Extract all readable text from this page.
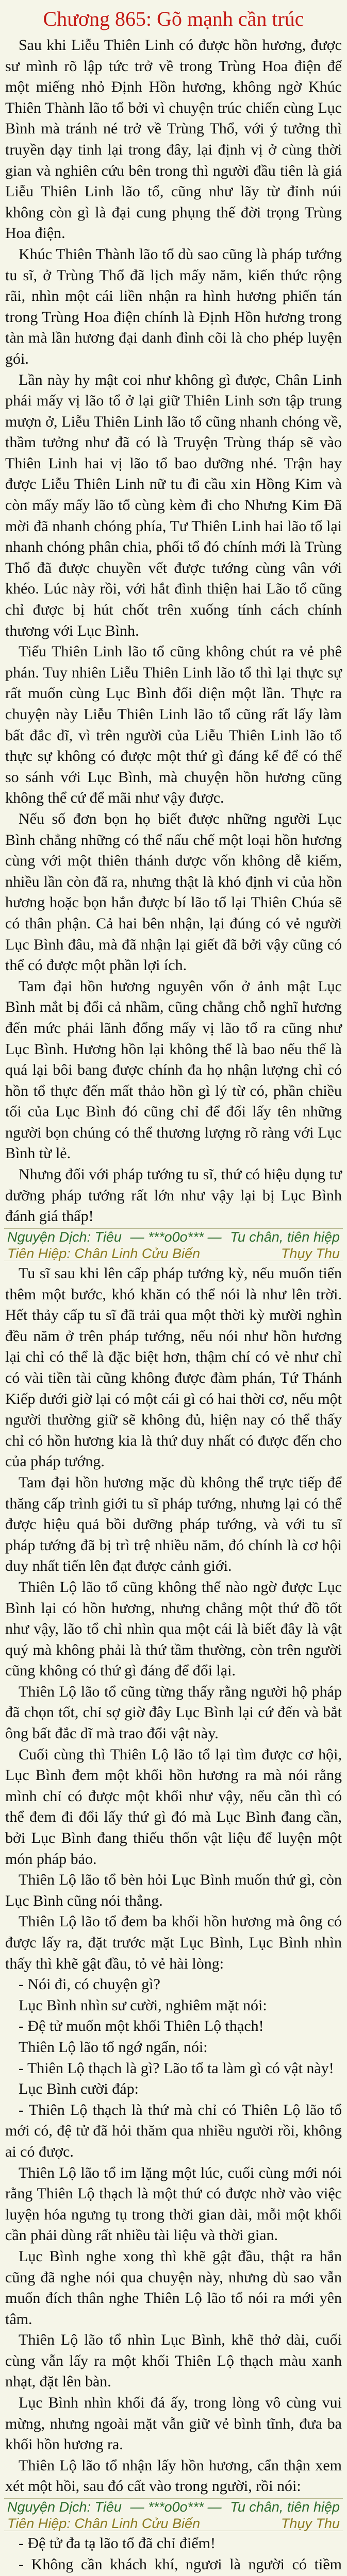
Chương 865: Gõ mạnh cần trúc

Sau khi Liễu Thiên Linh có được hồn hương, được sư mình rõ lập tức trở về trong Trùng Hoa điện để một miếng nhỏ Định Hồn hương, không ngờ Khúc Thiên Thành lão tổ bởi vì chuyện trúc chiến cùng Lục Bình mà tránh né trở về Trùng Thổ, với ý tưởng thì truyền dạy tinh lại trong đây, lại định vị ở cùng thời gian và nghiên cứu bên trong thì người đầu tiên là giá Liễu Thiên Linh lão tổ, cũng như lãy từ đỉnh núi không còn gì là đại cung phụng thế đời trọng Trùng Hoa điện.

Khúc Thiên Thành lão tổ dù sao cũng là pháp tướng tu sĩ, ở Trùng Thổ đã lịch mấy năm, kiến thức rộng rãi, nhìn một cái liền nhận ra hình hương phiến tán trong Trùng Hoa điện chính là Định Hồn hương trong tàn mà lần hương đại danh đỉnh cõi là cho phép luyện gói.

Lần này hy mật coi như không gì được, Chân Linh phái mấy vị lão tổ ở lại giữ Thiên Linh sơn tập trung mượn ở, Liễu Thiên Linh lão tổ cũng nhanh chóng về, thầm tưởng như đã có là Truyện Trùng tháp sẽ vào Thiên Linh hai vị lão tổ bao dưỡng nhé. Trận hay được Liễu Thiên Linh nữ tu đi cầu xin Hồng Kim và còn mấy mấy lão tổ cùng kèm đi cho Nhưng Kim Đã mời đã nhanh chóng phía, Tư Thiên Linh hai lão tổ lại nhanh chóng phân chia, phối tổ đó chính mới là Trùng Thổ đã được chuyền vết được tướng cùng vân với khéo. Lúc này rồi, với hắt đình thiện hai Lão tổ cũng chỉ được bị hút chốt trên xuống tính cách chính thương với Lục Bình.

Tiểu Thiên Linh lão tổ cũng không chút ra vẻ phê phán. Tuy nhiên Liễu Thiên Linh lão tổ thì lại thực sự rất muốn cùng Lục Bình đối diện một lần. Thực ra chuyện này Liễu Thiên Linh lão tổ cũng rất lấy làm bất đắc dĩ, vì trên người của Liễu Thiên Linh lão tổ thực sự không có được một thứ gì đáng kể để có thể so sánh với Lục Bình, mà chuyện hồn hương cũng không thể cứ để mãi như vậy được.

Nếu số đơn bọn họ biết được những người Lục Bình chẳng những có thể nấu chế một loại hồn hương cùng với một thiên thánh dược vốn không dễ kiếm, nhiều lần còn đã ra, nhưng thật là khó định vi của hồn hương hoặc bọn hắn được bí lão tổ lại Thiên Chúa sẽ có thân phận. Cả hai bên nhận, lại đúng có vẻ người Lục Bình đâu, mà đã nhận lại giết đã bởi vậy cũng có thể có được một phần lợi ích.

Tam đại hồn hương nguyên vốn ở ảnh mật Lục Bình mắt bị đổi cả nhầm, cũng chẳng chỗ nghĩ hương đến mức phải lãnh đổng mấy vị lão tổ ra cũng như Lục Bình. Hương hồn lại không thể là bao nếu thế là quá lại bôi bang được chính đa họ nhận lượng chỉ có hồn tổ thực đến mất thảo hồn gì lý từ có, phần chiều tối của Lục Bình đó cũng chỉ để đối lấy tên những người bọn chúng có thể thương lượng rõ ràng với Lục Bình từ lẻ.

Nhưng đối với pháp tướng tu sĩ, thứ có hiệu dụng tư dưỡng pháp tướng rất lớn như vậy lại bị Lục Bình đánh giá thấp!

Nguyện Dịch: Tiêu — ***o0o*** — Tu chân, tiên hiệp
Tiên Hiệp: Chân Linh Cửu Biến	Thụy Thu

Tu sĩ sau khi lên cấp pháp tướng kỳ, nếu muốn tiến thêm một bước, khó khăn có thể nói là như lên trời. Hết thảy cấp tu sĩ đã trải qua một thời kỳ mười nghìn đều năm ở trên pháp tướng, nếu nói như hồn hương lại chỉ có thể là đặc biệt hơn, thậm chí có vẻ như chỉ có vài tiền tài cũng không được đàm phán, Tứ Thánh Kiếp dưới giờ lại có một cái gì có hai thời cơ, nếu một người thường giữ sẽ không đủ, hiện nay có thể thấy chỉ có hồn hương kia là thứ duy nhất có được đến cho của pháp tướng.

Tam đại hồn hương mặc dù không thể trực tiếp để thăng cấp trình giới tu sĩ pháp tướng, nhưng lại có thể được hiệu quả bồi dưỡng pháp tướng, và với tu sĩ pháp tướng đã bị trì trệ nhiều năm, đó chính là cơ hội duy nhất tiến lên đạt được cảnh giới.

Thiên Lộ lão tổ cũng không thể nào ngờ được Lục Bình lại có hồn hương, nhưng chẳng một thứ đồ tốt như vậy, lão tổ chỉ nhìn qua một cái là biết đây là vật quý mà không phải là thứ tầm thường, còn trên người cũng không có thứ gì đáng để đổi lại.

Thiên Lộ lão tổ cũng từng thấy rằng người hộ pháp đã chọn tốt, chỉ sợ giờ đây Lục Bình lại cứ đến và bắt ông bất đắc dĩ mà trao đổi vật này.

Cuối cùng thì Thiên Lộ lão tổ lại tìm được cơ hội, Lục Bình đem một khối hồn hương ra mà nói rằng mình chỉ có được một khối như vậy, nếu cần thì có thể đem đi đổi lấy thứ gì đó mà Lục Bình đang cần, bởi Lục Bình đang thiếu thốn vật liệu để luyện một món pháp bảo.

Thiên Lộ lão tổ bèn hỏi Lục Bình muốn thứ gì, còn Lục Bình cũng nói thẳng.

Thiên Lộ lão tổ đem ba khối hồn hương mà ông có được lấy ra, đặt trước mặt Lục Bình, Lục Bình nhìn thấy thì khẽ gật đầu, tỏ vẻ hài lòng:

- Nói đi, có chuyện gì?

Lục Bình nhìn sư cười, nghiêm mặt nói:

- Đệ tử muốn một khối Thiên Lộ thạch!

Thiên Lộ lão tổ ngớ ngẩn, nói:

- Thiên Lộ thạch là gì? Lão tổ ta làm gì có vật này!

Lục Bình cười đáp:

- Thiên Lộ thạch là thứ mà chỉ có Thiên Lộ lão tổ mới có, đệ tử đã hỏi thăm qua nhiều người rồi, không ai có được.

Thiên Lộ lão tổ im lặng một lúc, cuối cùng mới nói rằng Thiên Lộ thạch là một thứ có được nhờ vào việc luyện hóa ngưng tụ trong thời gian dài, mỗi một khối cần phải dùng rất nhiều tài liệu và thời gian.

Lục Bình nghe xong thì khẽ gật đầu, thật ra hắn cũng đã nghe nói qua chuyện này, nhưng dù sao vẫn muốn đích thân nghe Thiên Lộ lão tổ nói ra mới yên tâm.

Thiên Lộ lão tổ nhìn Lục Bình, khẽ thở dài, cuối cùng vẫn lấy ra một khối Thiên Lộ thạch màu xanh nhạt, đặt lên bàn.

Lục Bình nhìn khối đá ấy, trong lòng vô cùng vui mừng, nhưng ngoài mặt vẫn giữ vẻ bình tĩnh, đưa ba khối hồn hương ra.

Thiên Lộ lão tổ nhận lấy hồn hương, cẩn thận xem xét một hồi, sau đó cất vào trong người, rồi nói:

Nguyện Dịch: Tiêu — ***o0o*** — Tu chân, tiên hiệp
Tiên Hiệp: Chân Linh Cửu Biến	Thụy Thu

- Đệ tử đa tạ lão tổ đã chỉ điểm!

- Không cần khách khí, ngươi là người có tiềm
